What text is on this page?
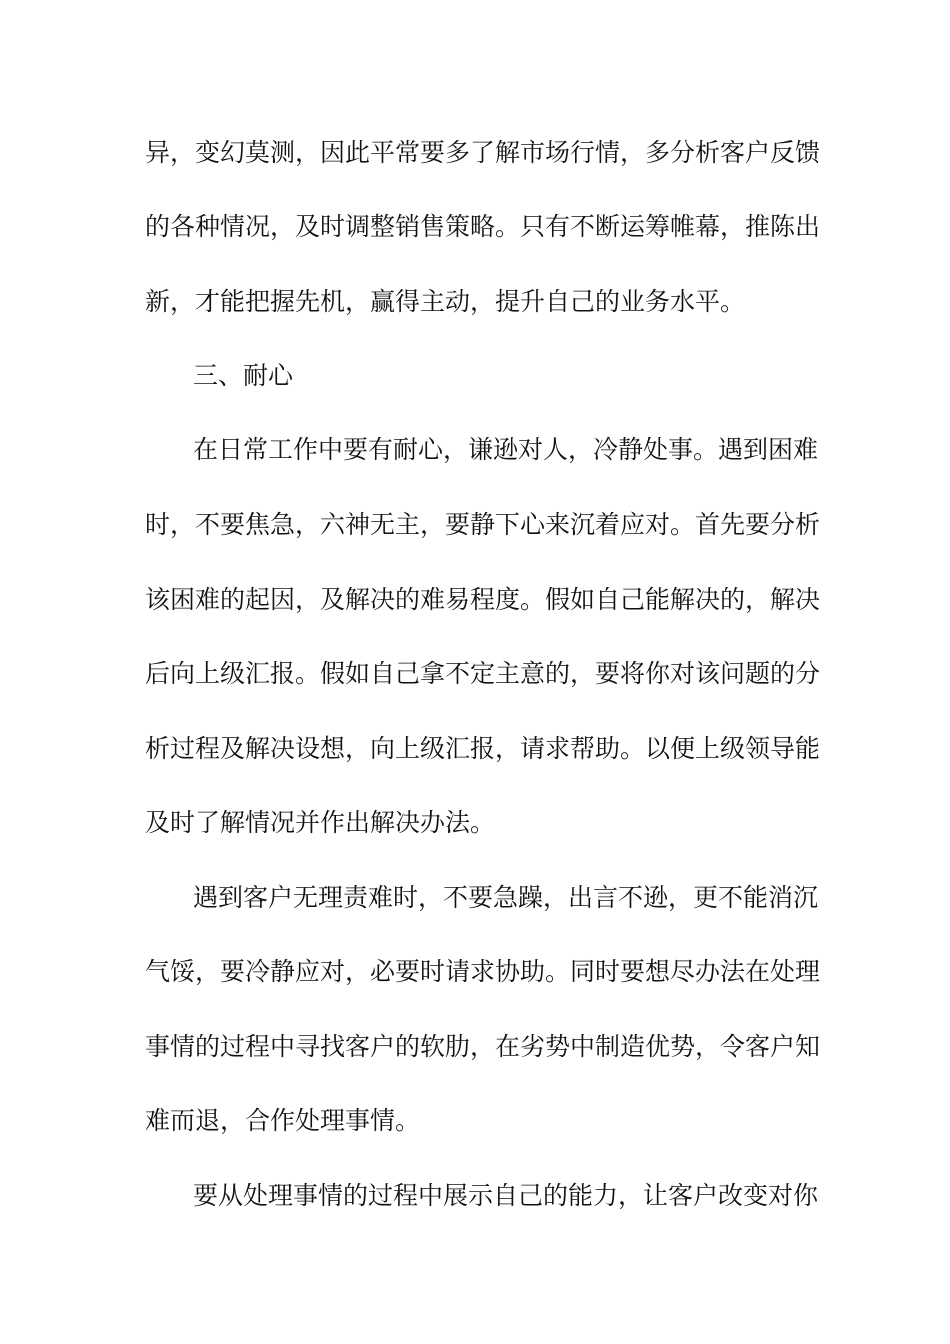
异，变幻莫测，因此平常要多了解市场行情，多分析客户反馈
的各种情况，及时调整销售策略。只有不断运筹帷幕，推陈出
新，才能把握先机，赢得主动，提升自己的业务水平。
三、耐心
在日常工作中要有耐心，谦逊对人，冷静处事。遇到困难
时，不要焦急，六神无主，要静下心来沉着应对。首先要分析
该困难的起因，及解决的难易程度。假如自己能解决的，解决
后向上级汇报。假如自己拿不定主意的，要将你对该问题的分
析过程及解决设想，向上级汇报，请求帮助。以便上级领导能
及时了解情况并作出解决办法。
遇到客户无理责难时，不要急躁，出言不逊，更不能消沉
气馁，要冷静应对，必要时请求协助。同时要想尽办法在处理
事情的过程中寻找客户的软肋，在劣势中制造优势，令客户知
难而退，合作处理事情。
要从处理事情的过程中展示自己的能力，让客户改变对你
